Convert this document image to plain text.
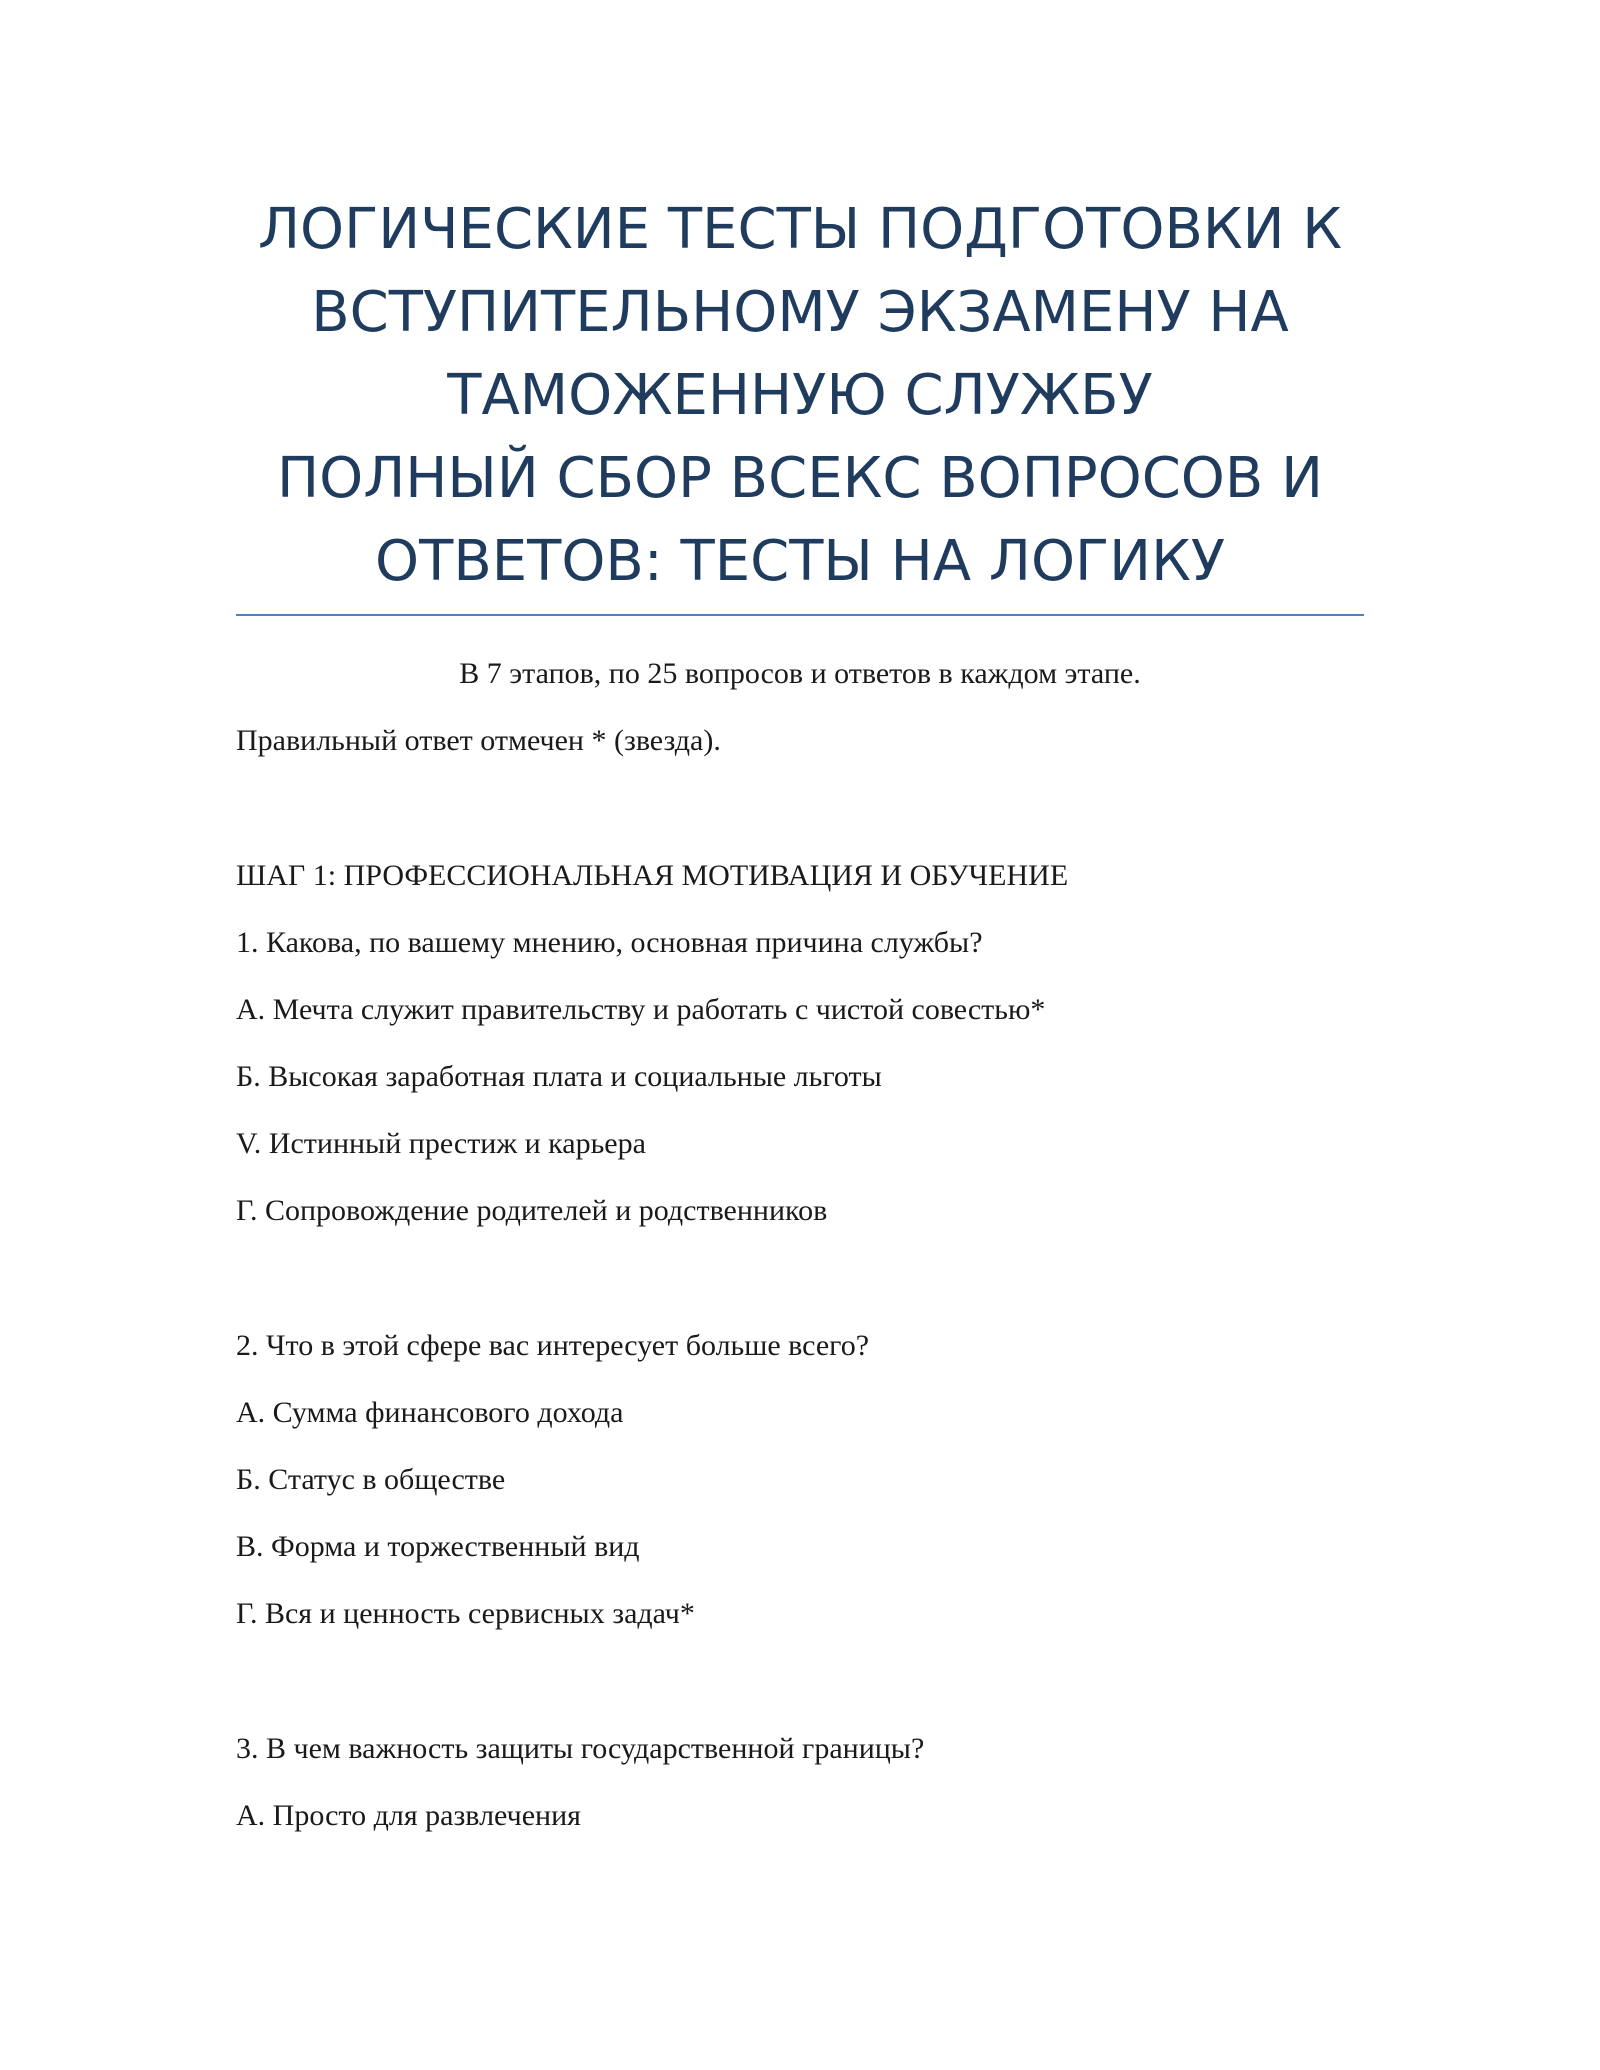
ЛОГИЧЕСКИЕ ТЕСТЫ ПОДГОТОВКИ К
ВСТУПИТЕЛЬНОМУ ЭКЗАМЕНУ НА
ТАМОЖЕННУЮ СЛУЖБУ
ПОЛНЫЙ СБОР ВСЕКС ВОПРОСОВ И
ОТВЕТОВ: ТЕСТЫ НА ЛОГИКУ
В 7 этапов, по 25 вопросов и ответов в каждом этапе.
Правильный ответ отмечен * (звезда).
ШАГ 1: ПРОФЕССИОНАЛЬНАЯ МОТИВАЦИЯ И ОБУЧЕНИЕ
1. Какова, по вашему мнению, основная причина службы?
А. Мечта служит правительству и работать с чистой совестью*
Б. Высокая заработная плата и социальные льготы
V. Истинный престиж и карьера
Г. Сопровождение родителей и родственников
2. Что в этой сфере вас интересует больше всего?
А. Сумма финансового дохода
Б. Статус в обществе
В. Форма и торжественный вид
Г. Вся и ценность сервисных задач*
3. В чем важность защиты государственной границы?
А. Просто для развлечения
